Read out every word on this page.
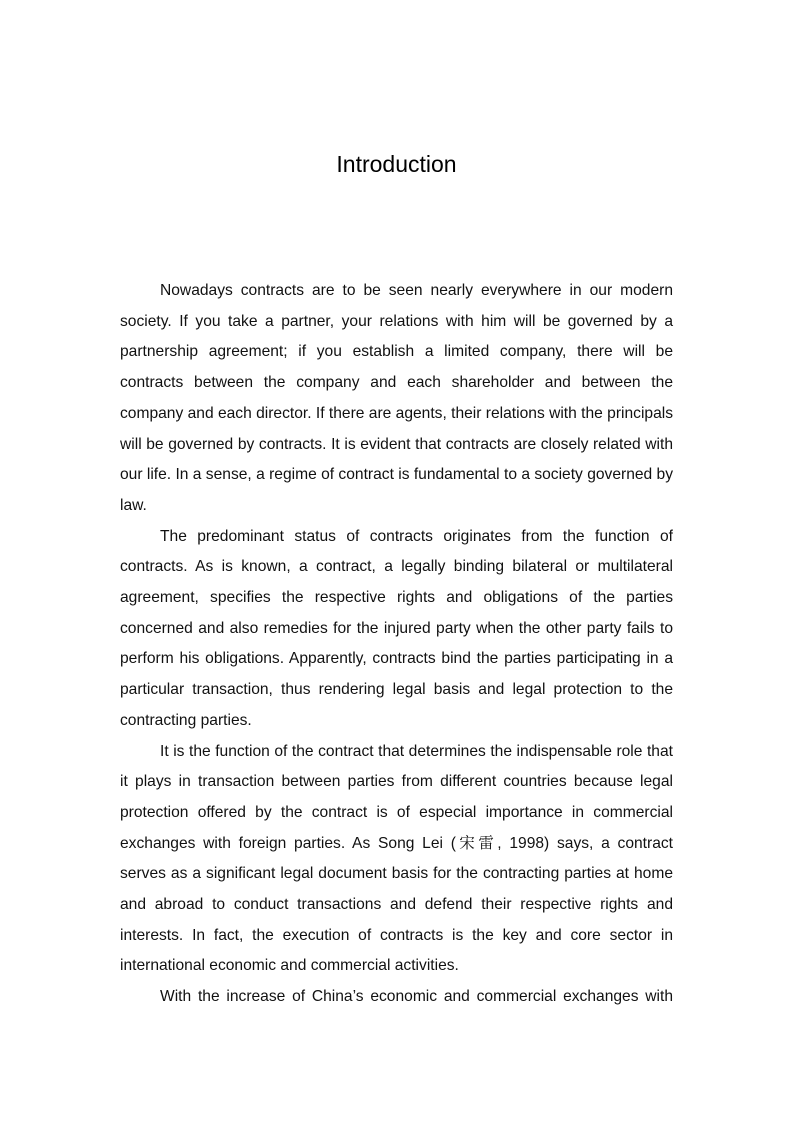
Introduction

Nowadays contracts are to be seen nearly everywhere in our modern society. If you take a partner, your relations with him will be governed by a partnership agreement; if you establish a limited company, there will be contracts between the company and each shareholder and between the company and each director. If there are agents, their relations with the principals will be governed by contracts. It is evident that contracts are closely related with our life. In a sense, a regime of contract is fundamental to a society governed by law.

The predominant status of contracts originates from the function of contracts. As is known, a contract, a legally binding bilateral or multilateral agreement, specifies the respective rights and obligations of the parties concerned and also remedies for the injured party when the other party fails to perform his obligations. Apparently, contracts bind the parties participating in a particular transaction, thus rendering legal basis and legal protection to the contracting parties.

It is the function of the contract that determines the indispensable role that it plays in transaction between parties from different countries because legal protection offered by the contract is of especial importance in commercial exchanges with foreign parties. As Song Lei (宋雷, 1998) says, a contract serves as a significant legal document basis for the contracting parties at home and abroad to conduct transactions and defend their respective rights and interests. In fact, the execution of contracts is the key and core sector in international economic and commercial activities.

With the increase of China’s economic and commercial exchanges with
